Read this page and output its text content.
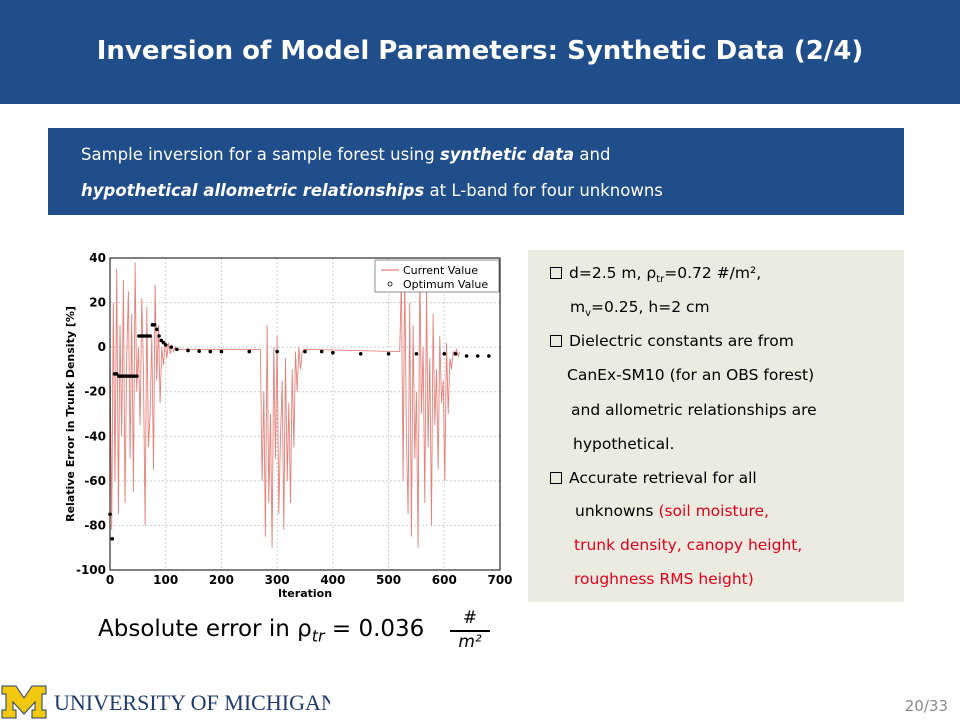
Inversion of Model Parameters: Synthetic Data (2/4)
Sample inversion for a sample forest using synthetic data and
hypothetical allometric relationships at L-band for four unknowns
0	100	200	300	400	500	600	700
40
20
0
-20
-40
-60
-80
-100
Iteration
Relative Error in Trunk Density [%]
Current Value
Optimum Value
Absolute error in $\rho_{tr} = 0.036$	#
m²
d=2.5 m, $\rho_{tr}=0.72$ #/m²,
$m_v=0.25$, h=2 cm
Dielectric constants are from
CanEx-SM10 (for an OBS forest)
and allometric relationships are
hypothetical.
Accurate retrieval for all
unknowns (soil moisture,
trunk density, canopy height,
roughness RMS height)
UNIVERSITY OF MICHIGAN	20/33
